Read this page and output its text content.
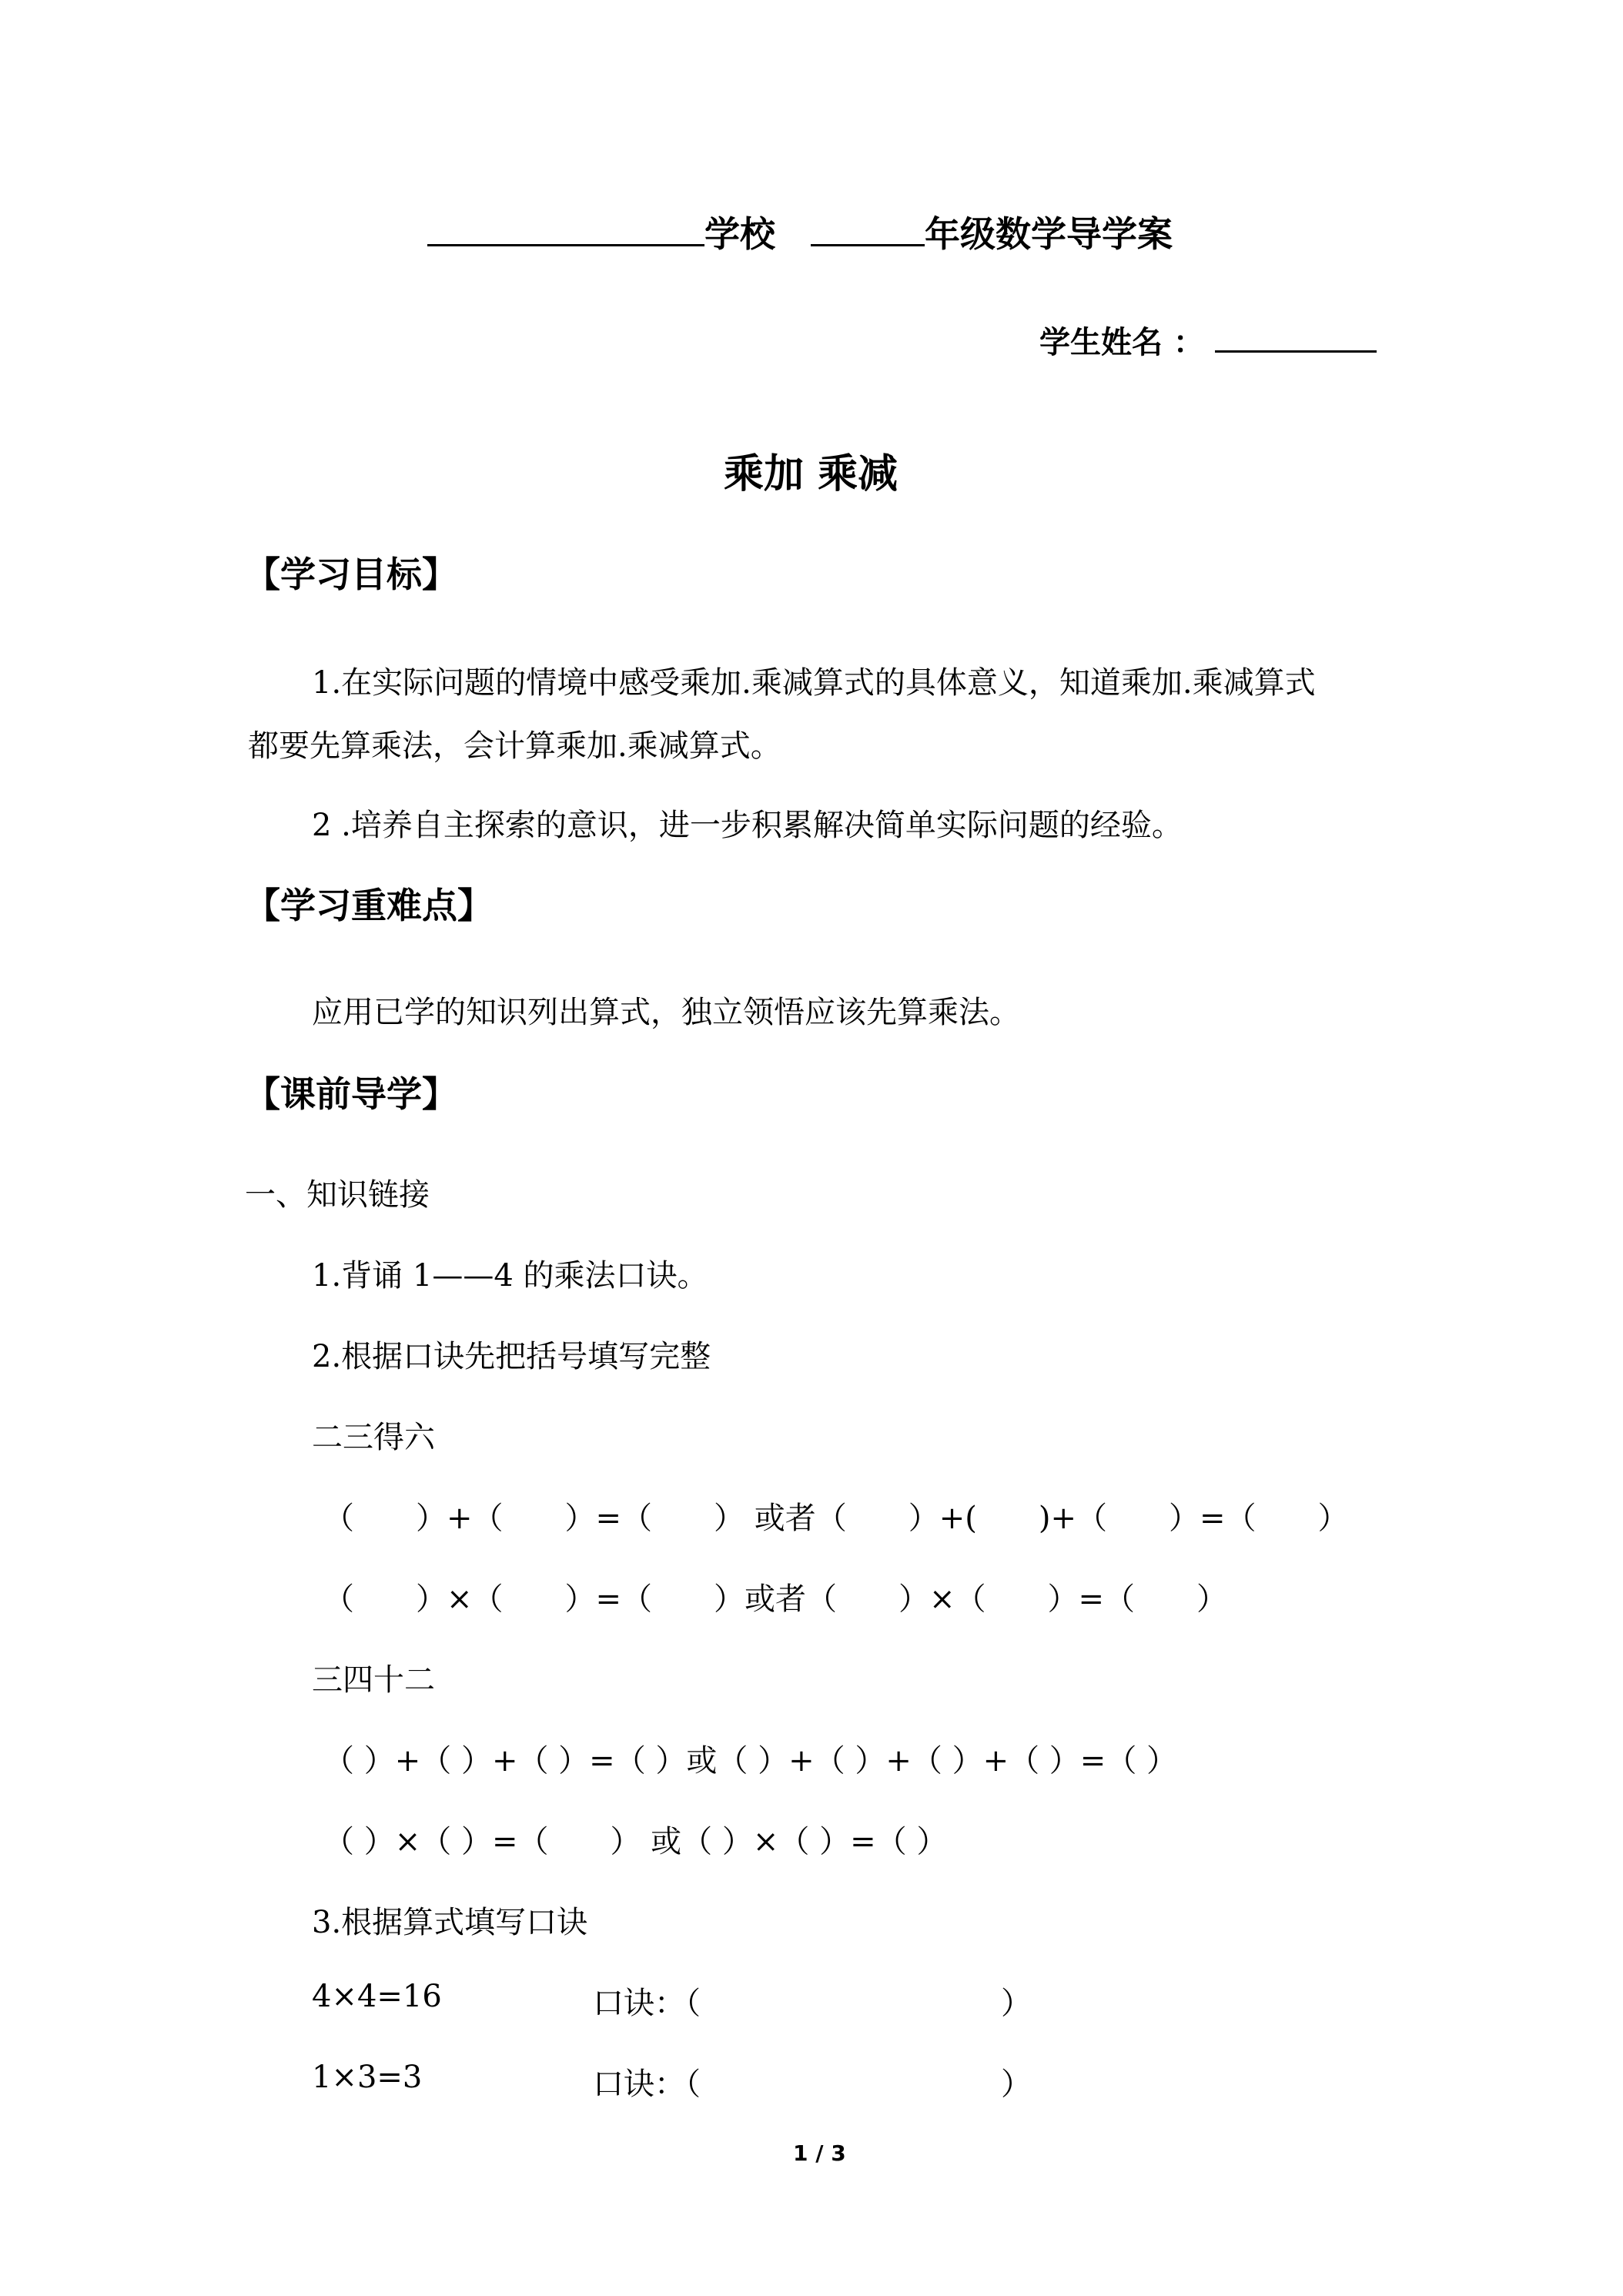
学校	年级数学导学案
学生姓名 ：
乘加 乘减
【学习目标】
1.在实际问题的情境中感受乘加.乘减算式的具体意义，知道乘加.乘减算式
都要先算乘法，会计算乘加.乘减算式。
2 .培养自主探索的意识，进一步积累解决简单实际问题的经验。
【学习重难点】
应用已学的知识列出算式，独立领悟应该先算乘法。
【课前导学】
一、知识链接
1.背诵 1——4 的乘法口诀。
2.根据口诀先把括号填写完整
二三得六
（　　）+（　　）=（　　） 或者（　　）+(　　)+（　　）=（　　）
（　　）×（　　）=（　　）或者（　　）×（　　）=（　　）
三四十二
（ ）+（ ）+（ ）=（ ）或（ ）+（ ）+（ ）+（ ）=（ ）
（ ）×（ ）=（　　） 或（ ）×（ ）=（ ）
3.根据算式填写口诀
4×4=16	口诀：（	）
1×3=3	口诀：（	）
1 / 3
